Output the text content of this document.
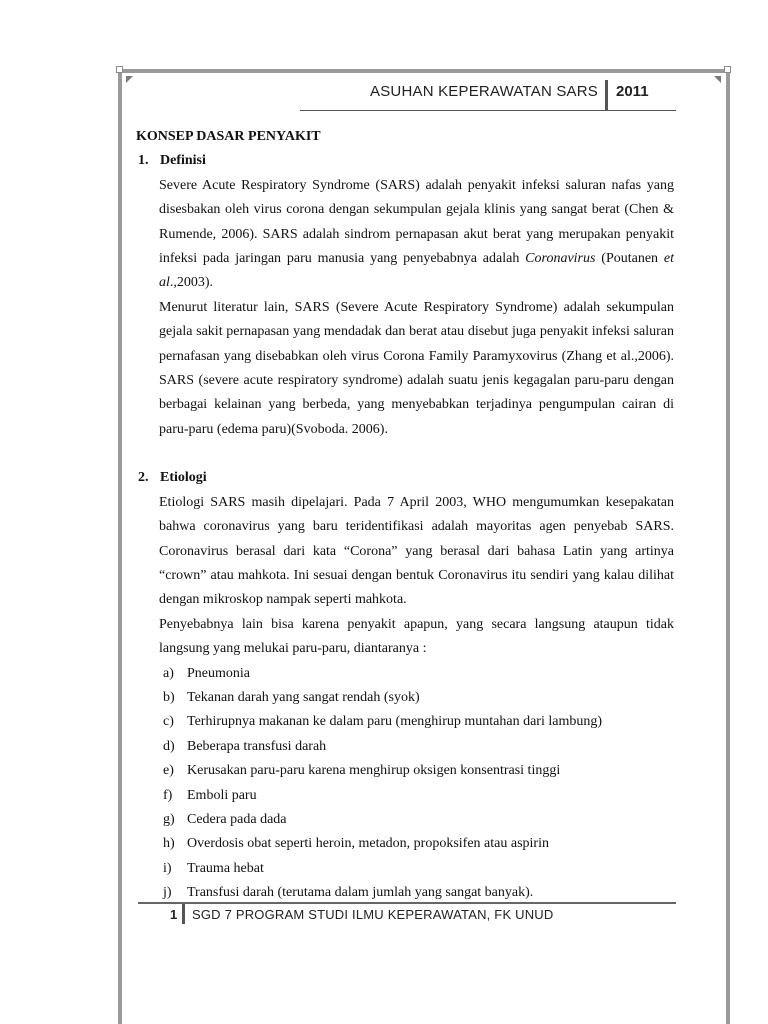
ASUHAN KEPERAWATAN SARS 2011

KONSEP DASAR PENYAKIT

1. Definisi

Severe Acute Respiratory Syndrome (SARS) adalah penyakit infeksi saluran nafas yang disesbakan oleh virus corona dengan sekumpulan gejala klinis yang sangat berat (Chen & Rumende, 2006). SARS adalah sindrom pernapasan akut berat yang merupakan penyakit infeksi pada jaringan paru manusia yang penyebabnya adalah Coronavirus (Poutanen et al.,2003).

Menurut literatur lain, SARS (Severe Acute Respiratory Syndrome) adalah sekumpulan gejala sakit pernapasan yang mendadak dan berat atau disebut juga penyakit infeksi saluran pernafasan yang disebabkan oleh virus Corona Family Paramyxovirus (Zhang et al.,2006). SARS (severe acute respiratory syndrome) adalah suatu jenis kegagalan paru-paru dengan berbagai kelainan yang berbeda, yang menyebabkan terjadinya pengumpulan cairan di paru-paru (edema paru)(Svoboda. 2006).

2. Etiologi

Etiologi SARS masih dipelajari. Pada 7 April 2003, WHO mengumumkan kesepakatan bahwa coronavirus yang baru teridentifikasi adalah mayoritas agen penyebab SARS. Coronavirus berasal dari kata “Corona” yang berasal dari bahasa Latin yang artinya “crown” atau mahkota. Ini sesuai dengan bentuk Coronavirus itu sendiri yang kalau dilihat dengan mikroskop nampak seperti mahkota.

Penyebabnya lain bisa karena penyakit apapun, yang secara langsung ataupun tidak langsung yang melukai paru-paru, diantaranya :

a) Pneumonia
b) Tekanan darah yang sangat rendah (syok)
c) Terhirupnya makanan ke dalam paru (menghirup muntahan dari lambung)
d) Beberapa transfusi darah
e) Kerusakan paru-paru karena menghirup oksigen konsentrasi tinggi
f) Emboli paru
g) Cedera pada dada
h) Overdosis obat seperti heroin, metadon, propoksifen atau aspirin
i) Trauma hebat
j) Transfusi darah (terutama dalam jumlah yang sangat banyak).
1 SGD 7 PROGRAM STUDI ILMU KEPERAWATAN, FK UNUD
